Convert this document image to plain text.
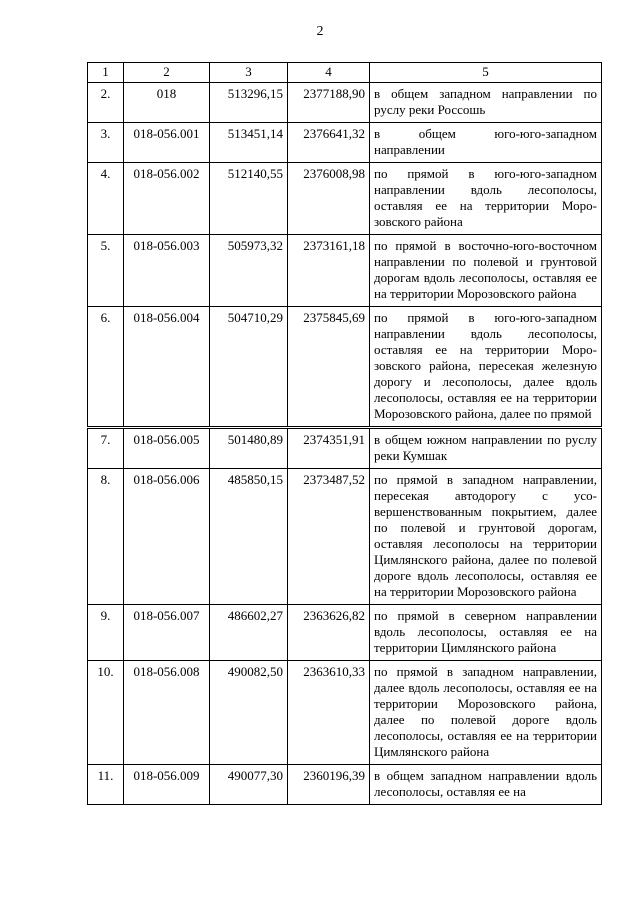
2
1	2	3	4	5
2.	018	513296,15	2377188,90	в общем западном направлении по руслу реки Россошь
3.	018-056.001	513451,14	2376641,32	в общем юго-юго-западном направлении
4.	018-056.002	512140,55	2376008,98	по прямой в юго-юго-западном направлении вдоль лесополосы, оставляя ее на территории Морозовского района
5.	018-056.003	505973,32	2373161,18	по прямой в восточно-юго-восточном направлении по полевой и грунтовой дорогам вдоль лесополосы, оставляя ее на территории Морозовского района
6.	018-056.004	504710,29	2375845,69	по прямой в юго-юго-западном направлении вдоль лесополосы, оставляя ее на территории Морозовского района, пересекая железную дорогу и лесополосы, далее вдоль лесополосы, оставляя ее на территории Морозовского района, далее по прямой
7.	018-056.005	501480,89	2374351,91	в общем южном направлении по руслу реки Кумшак
8.	018-056.006	485850,15	2373487,52	по прямой в западном направлении, пересекая автодорогу с усовершенствованным покрытием, далее по полевой и грунтовой дорогам, оставляя лесополосы на территории Цимлянского района, далее по полевой дороге вдоль лесополосы, оставляя ее на территории Морозовского района
9.	018-056.007	486602,27	2363626,82	по прямой в северном направлении вдоль лесополосы, оставляя ее на территории Цимлянского района
10.	018-056.008	490082,50	2363610,33	по прямой в западном направлении, далее вдоль лесополосы, оставляя ее на территории Морозовского района, далее по полевой дороге вдоль лесополосы, оставляя ее на территории Цимлянского района
11.	018-056.009	490077,30	2360196,39	в общем западном направлении вдоль лесополосы, оставляя ее на
